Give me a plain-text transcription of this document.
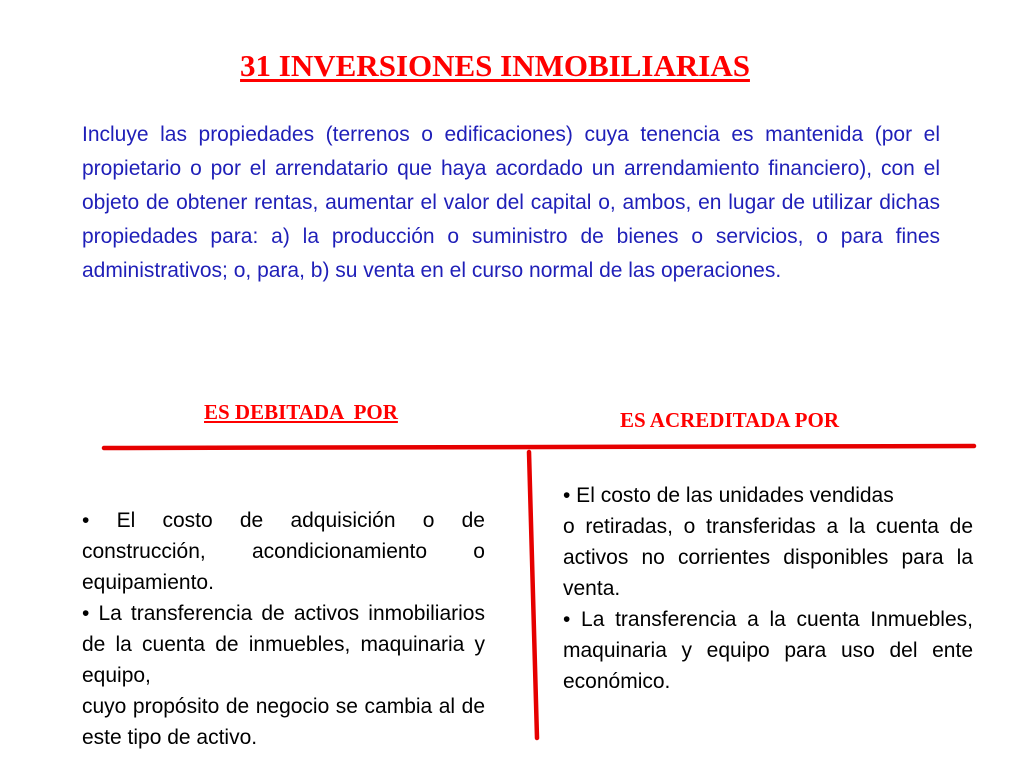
31 INVERSIONES INMOBILIARIAS
Incluye las propiedades (terrenos o edificaciones) cuya tenencia es mantenida (por el propietario o por el arrendatario que haya acordado un arrendamiento financiero), con el objeto de obtener rentas, aumentar el valor del capital o, ambos, en lugar de utilizar dichas propiedades para: a) la producción o suministro de bienes o servicios, o para fines administrativos; o, para, b) su venta en el curso normal de las operaciones.
ES DEBITADA  POR	ES ACREDITADA POR

• El costo de adquisición o de construcción, acondicionamiento o equipamiento.

• La transferencia de activos inmobiliarios de la cuenta de inmuebles, maquinaria y equipo,

cuyo propósito de negocio se cambia al de este tipo de activo.

• El costo de las unidades vendidas

o retiradas, o transferidas a la cuenta de activos no corrientes disponibles para la venta.

• La transferencia a la cuenta Inmuebles, maquinaria y equipo para uso del ente económico.
